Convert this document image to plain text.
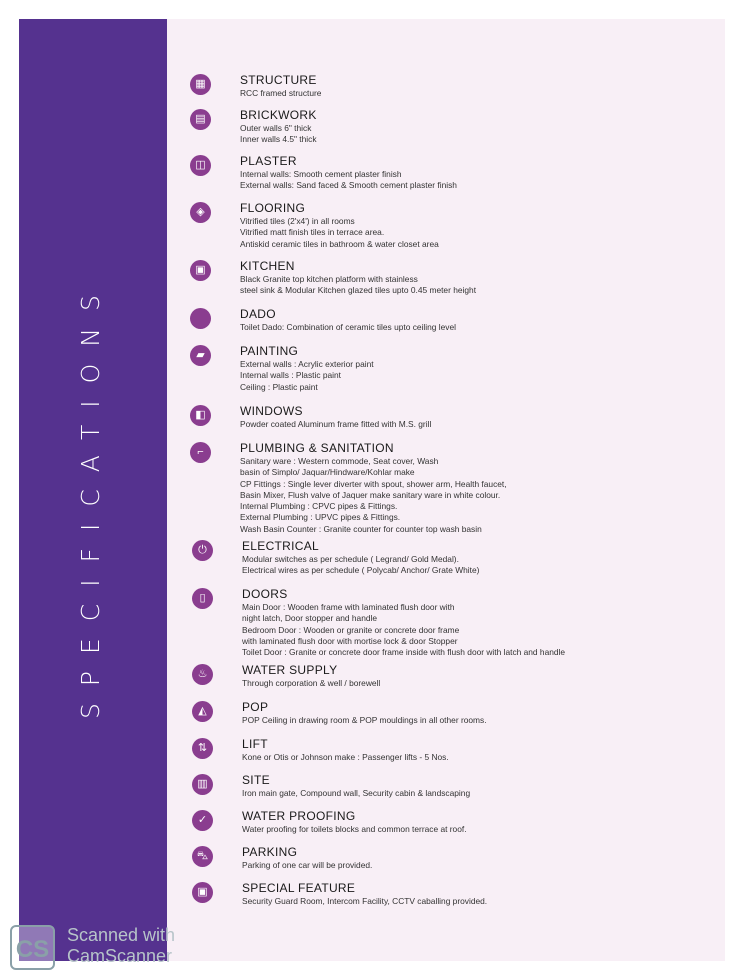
SPECIFICATIONS
▦	STRUCTURE
RCC framed structure
▤	BRICKWORK
Outer walls 6" thick
Inner walls 4.5" thick
◫	PLASTER
Internal walls: Smooth cement plaster finish
External walls: Sand faced & Smooth cement plaster finish
◈	FLOORING
Vitrified tiles (2'x4') in all rooms
Vitrified matt finish tiles in terrace area.
Antiskid ceramic tiles in bathroom & water closet area
▣	KITCHEN
Black Granite top kitchen platform with stainless
steel sink & Modular Kitchen glazed tiles upto 0.45 meter height
DADO
Toilet Dado: Combination of ceramic tiles upto ceiling level
▰	PAINTING
External walls : Acrylic exterior paint
Internal walls : Plastic paint
Ceiling : Plastic paint
◧	WINDOWS
Powder coated Aluminum frame fitted with M.S. grill
⌐	PLUMBING & SANITATION
Sanitary ware : Western commode, Seat cover, Wash
basin of Simplo/ Jaquar/Hindware/Kohlar make
CP Fittings : Single lever diverter with spout, shower arm, Health faucet,
Basin Mixer, Flush valve of Jaquer make sanitary ware in white colour.
Internal Plumbing : CPVC pipes & Fittings.
External Plumbing : UPVC pipes & Fittings.
Wash Basin Counter : Granite counter for counter top wash basin
⏻	ELECTRICAL
Modular switches as per schedule ( Legrand/ Gold Medal).
Electrical wires as per schedule ( Polycab/ Anchor/ Grate White)
▯	DOORS
Main Door : Wooden frame with laminated flush door with
night latch, Door stopper and handle
Bedroom Door : Wooden or granite or concrete door frame
with laminated flush door with mortise lock & door Stopper
Toilet Door : Granite or concrete door frame inside with flush door with latch and handle
♨	WATER SUPPLY
Through corporation & well / borewell
◭	POP
POP Ceiling in drawing room & POP mouldings in all other rooms.
⇅	LIFT
Kone or Otis or Johnson make : Passenger lifts - 5 Nos.
▥	SITE
Iron main gate, Compound wall, Security cabin & landscaping
✓	WATER PROOFING
Water proofing for toilets blocks and common terrace at roof.
⛍	PARKING
Parking of one car will be provided.
▣	SPECIAL FEATURE
Security Guard Room, Intercom Facility, CCTV caballing provided.
CS
Scanned with
CamScanner
